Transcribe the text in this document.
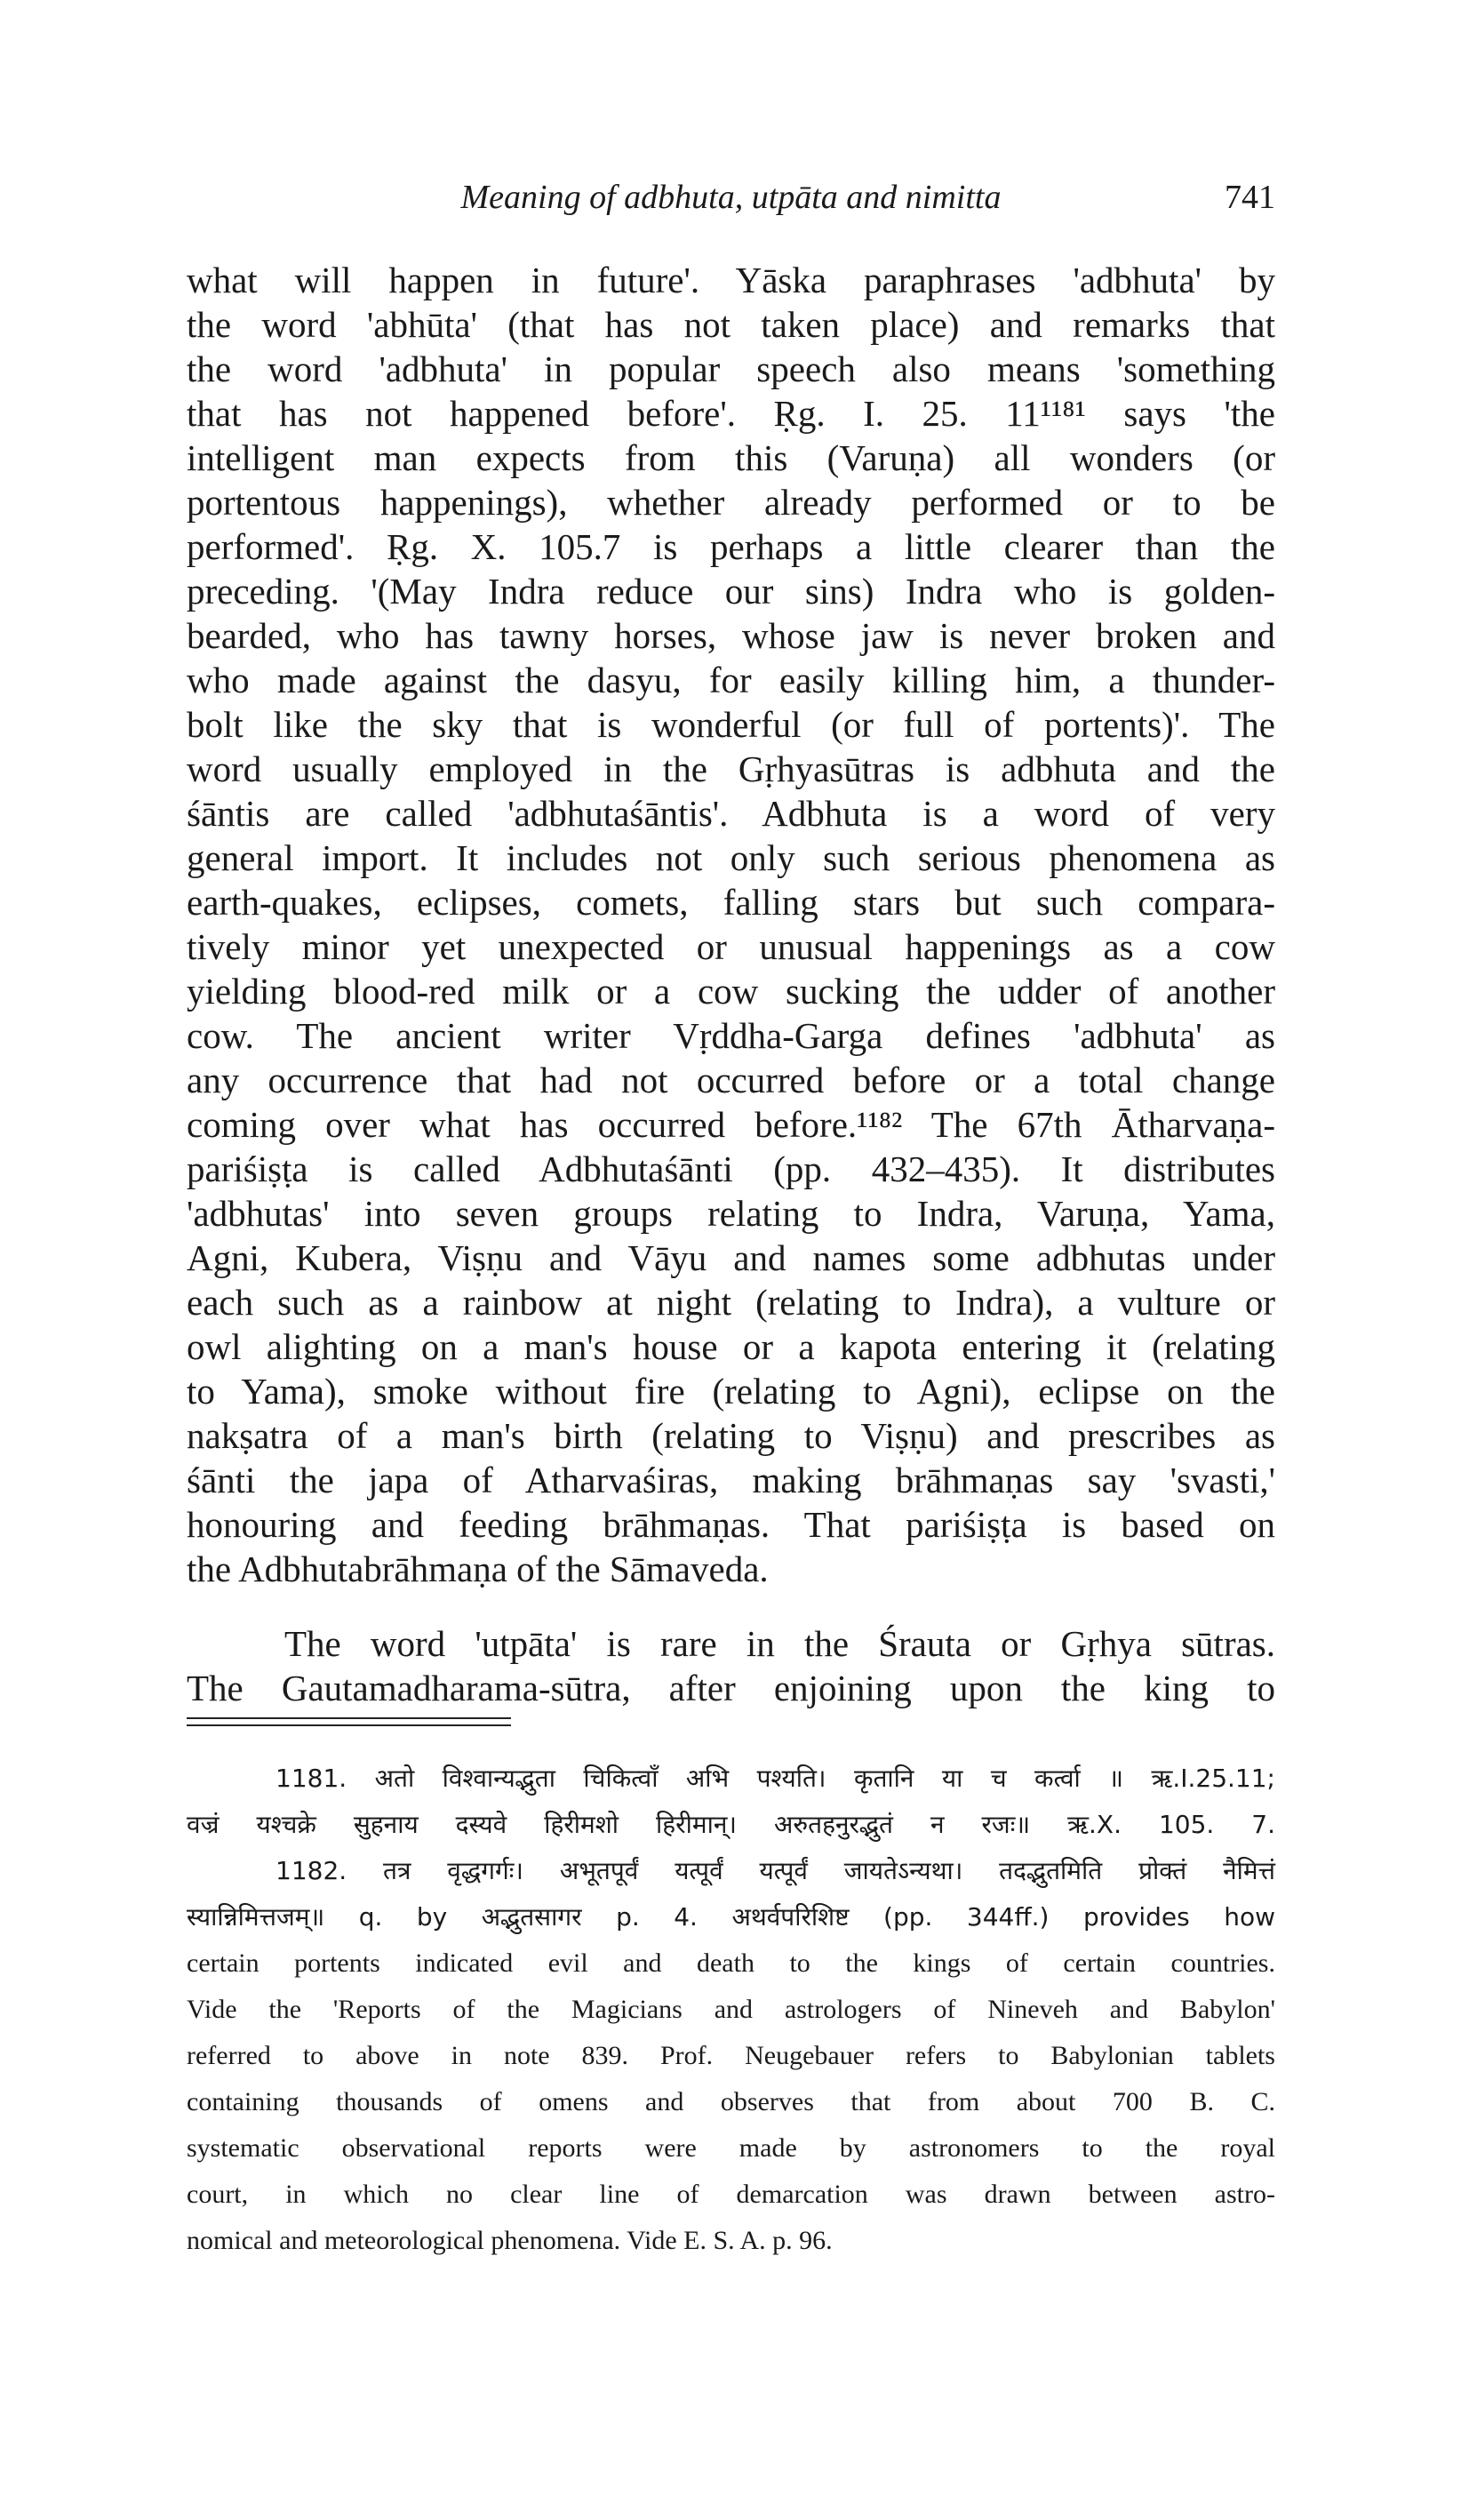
Meaning of adbhuta, utpāta and nimitta	741
what will happen in future'. Yāska paraphrases 'adbhuta' by
the word 'abhūta' (that has not taken place) and remarks that
the word 'adbhuta' in popular speech also means 'something
that has not happened before'. Ṛg. I. 25. 11¹¹⁸¹ says 'the
intelligent man expects from this (Varuṇa) all wonders (or
portentous happenings), whether already performed or to be
performed'. Ṛg. X. 105.7 is perhaps a little clearer than the
preceding. '(May Indra reduce our sins) Indra who is golden-
bearded, who has tawny horses, whose jaw is never broken and
who made against the dasyu, for easily killing him, a thunder-
bolt like the sky that is wonderful (or full of portents)'. The
word usually employed in the Gṛhyasūtras is adbhuta and the
śāntis are called 'adbhutaśāntis'. Adbhuta is a word of very
general import. It includes not only such serious phenomena as
earth-quakes, eclipses, comets, falling stars but such compara-
tively minor yet unexpected or unusual happenings as a cow
yielding blood-red milk or a cow sucking the udder of another
cow. The ancient writer Vṛddha-Garga defines 'adbhuta' as
any occurrence that had not occurred before or a total change
coming over what has occurred before.¹¹⁸² The 67th Ātharvaṇa-
pariśiṣṭa is called Adbhutaśānti (pp. 432–435). It distributes
'adbhutas' into seven groups relating to Indra, Varuṇa, Yama,
Agni, Kubera, Viṣṇu and Vāyu and names some adbhutas under
each such as a rainbow at night (relating to Indra), a vulture or
owl alighting on a man's house or a kapota entering it (relating
to Yama), smoke without fire (relating to Agni), eclipse on the
nakṣatra of a man's birth (relating to Viṣṇu) and prescribes as
śānti the japa of Atharvaśiras, making brāhmaṇas say 'svasti,'
honouring and feeding brāhmaṇas. That pariśiṣṭa is based on
the Adbhutabrāhmaṇa of the Sāmaveda.
The word 'utpāta' is rare in the Śrauta or Gṛhya sūtras.
The Gautamadharama-sūtra, after enjoining upon the king to
1181. अतो विश्वान्यद्भुता चिकित्वाँ अभि पश्यति। कृतानि या च कर्त्वा ॥ ऋ.I.25.11;
वज्रं यश्चक्रे सुहनाय दस्यवे हिरीमशो हिरीमान्। अरुतहनुरद्भुतं न रजः॥ ऋ.X. 105. 7.
1182. तत्र वृद्धगर्गः। अभूतपूर्वं यत्पूर्वं यत्पूर्वं जायतेऽन्यथा। तदद्भुतमिति प्रोक्तं नैमित्तं
स्यान्निमित्तजम्॥ q. by अद्भुतसागर p. 4. अथर्वपरिशिष्ट (pp. 344ff.) provides how
certain portents indicated evil and death to the kings of certain countries.
Vide the 'Reports of the Magicians and astrologers of Nineveh and Babylon'
referred to above in note 839. Prof. Neugebauer refers to Babylonian tablets
containing thousands of omens and observes that from about 700 B. C.
systematic observational reports were made by astronomers to the royal
court, in which no clear line of demarcation was drawn between astro-
nomical and meteorological phenomena. Vide E. S. A. p. 96.
